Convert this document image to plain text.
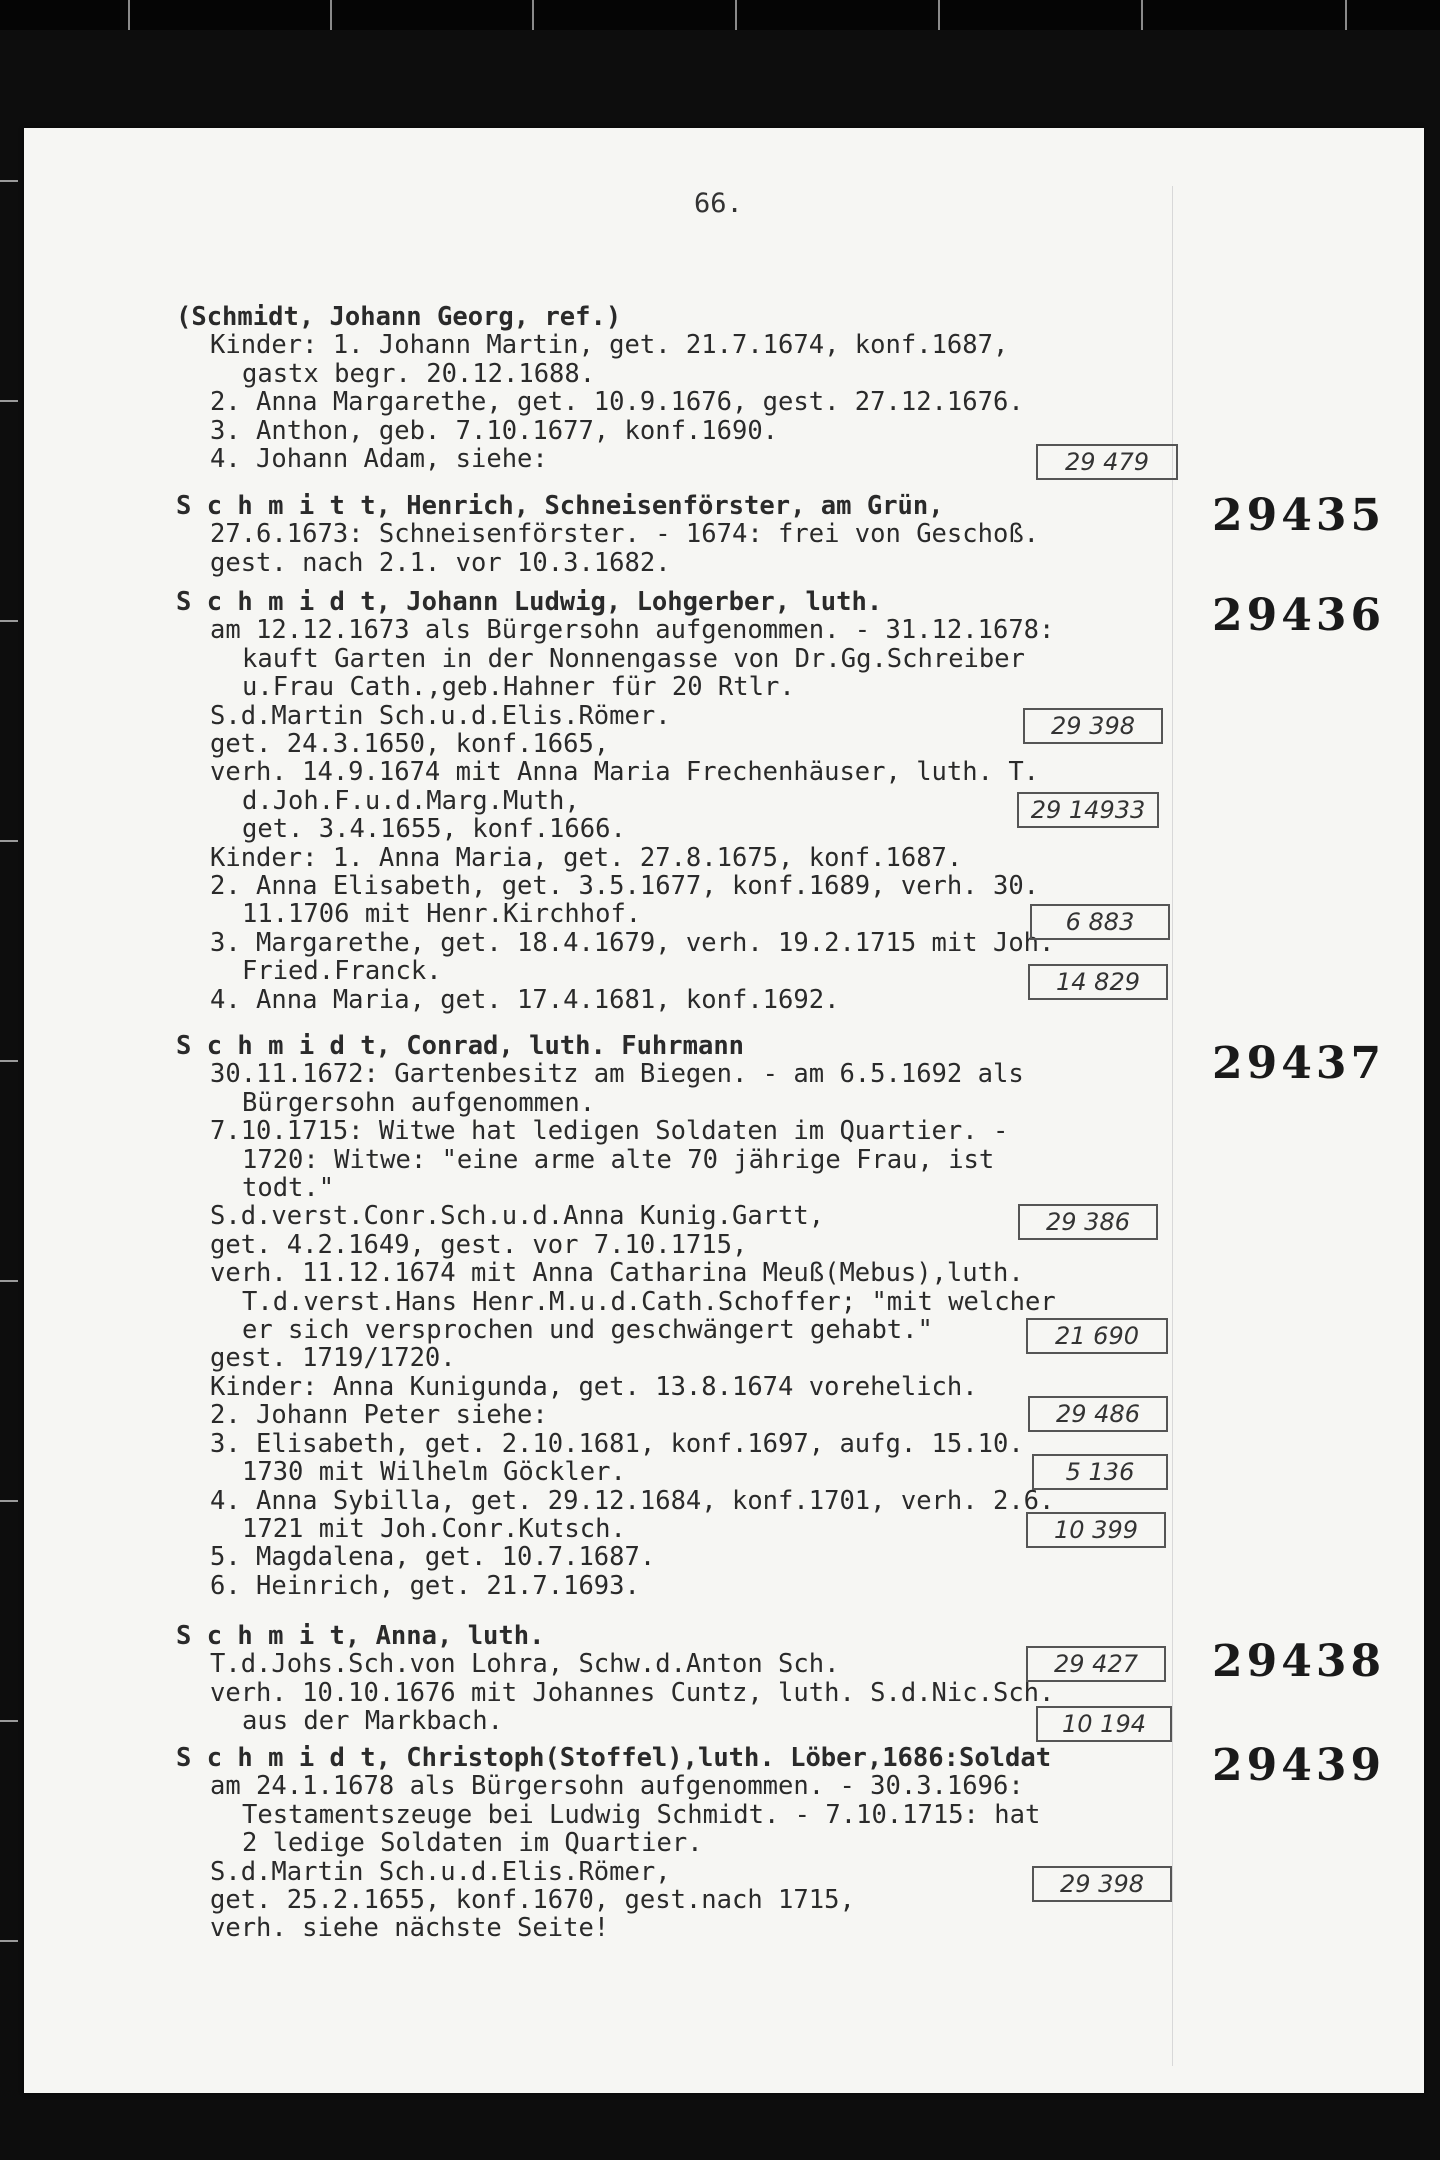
66.
(Schmidt, Johann Georg, ref.)
Kinder: 1. Johann Martin, get. 21.7.1674, konf.1687,
gastx begr. 20.12.1688.
2. Anna Margarethe, get. 10.9.1676, gest. 27.12.1676.
3. Anthon, geb. 7.10.1677, konf.1690.
4. Johann Adam, siehe:
S c h m i t t, Henrich, Schneisenförster, am Grün,
27.6.1673: Schneisenförster. - 1674: frei von Geschoß.
gest. nach 2.1. vor 10.3.1682.
29435
S c h m i d t, Johann Ludwig, Lohgerber, luth.
am 12.12.1673 als Bürgersohn aufgenommen. - 31.12.1678:
kauft Garten in der Nonnengasse von Dr.Gg.Schreiber
u.Frau Cath.,geb.Hahner für 20 Rtlr.
S.d.Martin Sch.u.d.Elis.Römer.
get. 24.3.1650, konf.1665,
verh. 14.9.1674 mit Anna Maria Frechenhäuser, luth. T.
d.Joh.F.u.d.Marg.Muth,
get. 3.4.1655, konf.1666.
Kinder: 1. Anna Maria, get. 27.8.1675, konf.1687.
2. Anna Elisabeth, get. 3.5.1677, konf.1689, verh. 30.
11.1706 mit Henr.Kirchhof.
3. Margarethe, get. 18.4.1679, verh. 19.2.1715 mit Joh.
Fried.Franck.
4. Anna Maria, get. 17.4.1681, konf.1692.
29436
S c h m i d t, Conrad, luth. Fuhrmann
30.11.1672: Gartenbesitz am Biegen. - am 6.5.1692 als
Bürgersohn aufgenommen.
7.10.1715: Witwe hat ledigen Soldaten im Quartier. -
1720: Witwe: "eine arme alte 70 jährige Frau, ist
todt."
S.d.verst.Conr.Sch.u.d.Anna Kunig.Gartt,
get. 4.2.1649, gest. vor 7.10.1715,
verh. 11.12.1674 mit Anna Catharina Meuß(Mebus),luth.
T.d.verst.Hans Henr.M.u.d.Cath.Schoffer; "mit welcher
er sich versprochen und geschwängert gehabt."
gest. 1719/1720.
Kinder: Anna Kunigunda, get. 13.8.1674 vorehelich.
2. Johann Peter siehe:
3. Elisabeth, get. 2.10.1681, konf.1697, aufg. 15.10.
1730 mit Wilhelm Göckler.
4. Anna Sybilla, get. 29.12.1684, konf.1701, verh. 2.6.
1721 mit Joh.Conr.Kutsch.
5. Magdalena, get. 10.7.1687.
6. Heinrich, get. 21.7.1693.
29437
S c h m i t, Anna, luth.
T.d.Johs.Sch.von Lohra, Schw.d.Anton Sch.
verh. 10.10.1676 mit Johannes Cuntz, luth. S.d.Nic.Sch.
aus der Markbach.
29438
S c h m i d t, Christoph(Stoffel),luth. Löber,1686:Soldat
am 24.1.1678 als Bürgersohn aufgenommen. - 30.3.1696:
Testamentszeuge bei Ludwig Schmidt. - 7.10.1715: hat
2 ledige Soldaten im Quartier.
S.d.Martin Sch.u.d.Elis.Römer,
get. 25.2.1655, konf.1670, gest.nach 1715,
verh. siehe nächste Seite!
29439
29 479
29 398
29 14933
6 883
14 829
29 386
21 690
29 486
5 136
10 399
29 427
10 194
29 398
